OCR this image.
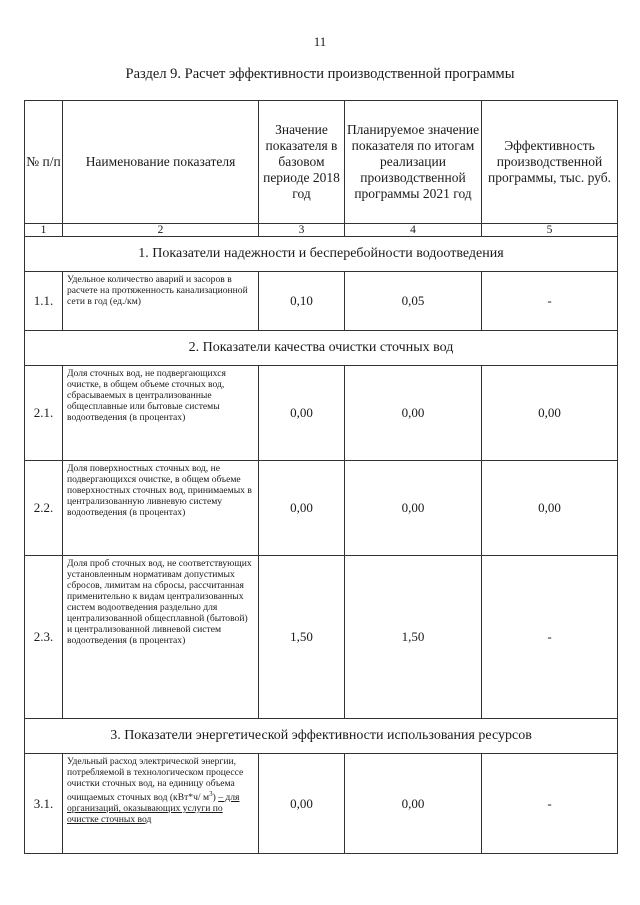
11
Раздел 9. Расчет эффективности производственной программы
№ п/п	Наименование показателя	Значение показателя в базовом периоде 2018 год	Планируемое значение показателя по итогам реализации производственной программы 2021 год	Эффективность производственной программы, тыс. руб.
1	2	3	4	5
1. Показатели надежности и бесперебойности водоотведения				
1.1.	Удельное количество аварий и засоров в расчете на протяженность канализационной сети в год (ед./км)	0,10	0,05	-
2. Показатели качества очистки сточных вод				
2.1.	Доля сточных вод, не подвергающихся очистке, в общем объеме сточных вод, сбрасываемых в централизованные общесплавные или бытовые системы водоотведения (в процентах)	0,00	0,00	0,00
2.2.	Доля поверхностных сточных вод, не подвергающихся очистке, в общем объеме поверхностных сточных вод, принимаемых в централизованную ливневую систему водоотведения (в процентах)	0,00	0,00	0,00
2.3.	Доля проб сточных вод, не соответствующих установленным нормативам допустимых сбросов, лимитам на сбросы, рассчитанная применительно к видам централизованных систем водоотведения раздельно для централизованной общесплавной (бытовой) и централизованной ливневой систем водоотведения (в процентах)	1,50	1,50	-
3. Показатели энергетической эффективности использования ресурсов				
3.1.	Удельный расход электрической энергии, потребляемой в технологическом процессе очистки сточных вод, на единицу объема очищаемых сточных вод (кВт*ч/ $м^3$) – для организаций, оказывающих услуги по очистке сточных вод	0,00	0,00	-
